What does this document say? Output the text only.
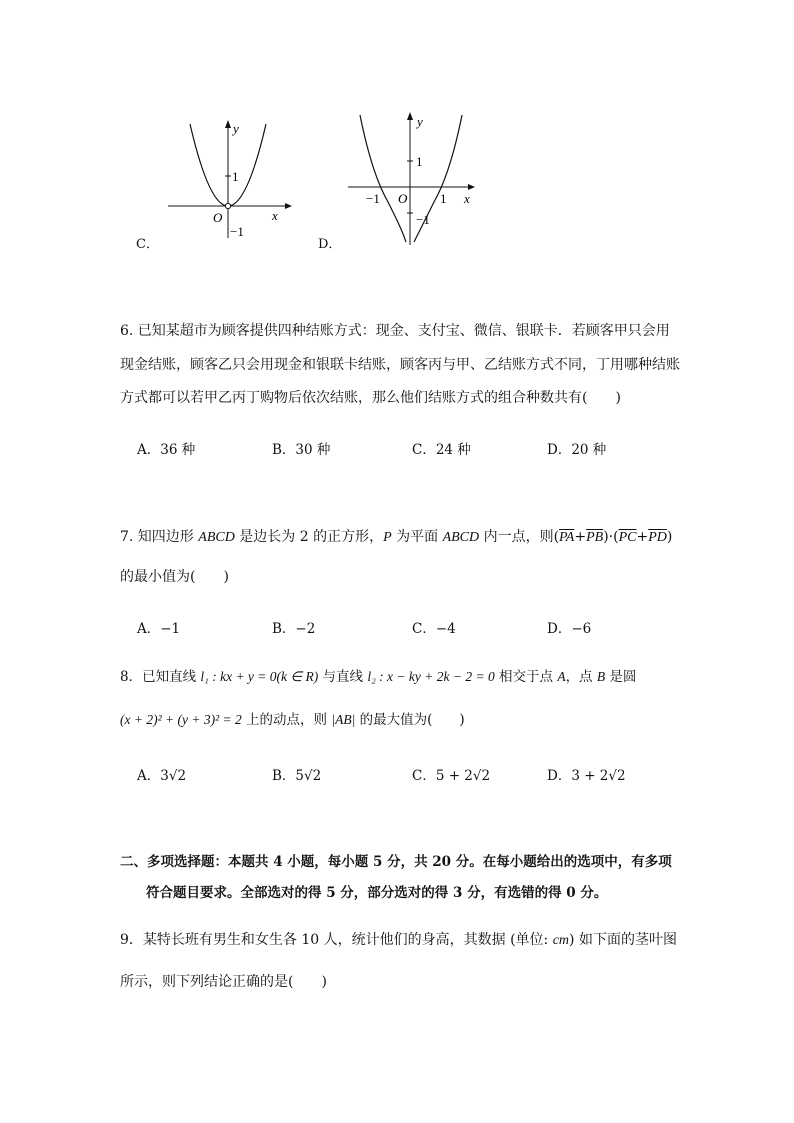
C．
y
x
O
1
−1
D．
y
x
O
1
−1
−1	1
6. 已知某超市为顾客提供四种结账方式：现金、支付宝、微信、银联卡．若顾客甲只会用
现金结账，顾客乙只会用现金和银联卡结账，顾客丙与甲、乙结账方式不同，丁用哪种结账
方式都可以若甲乙丙丁购物后依次结账，那么他们结账方式的组合种数共有(　　)
A．36 种	B．30 种	C．24 种	D．20 种
7. 知四边形 ABCD 是边长为 2 的正方形，P 为平面 ABCD 内一点，则$(\overline{PA}+\overline{PB})\cdot(\overline{PC}+\overline{PD})$
的最小值为(　　)
A．−1	B．−2	C．−4	D．−6
8．已知直线 l₁ : kx + y = 0(k ∈ R) 与直线 l₂ : x − ky + 2k − 2 = 0 相交于点 A，点 B 是圆
(x + 2)² + (y + 3)² = 2 上的动点，则 |AB| 的最大值为(　　)
A．3√2	B．5√2	C．5 + 2√2	D．3 + 2√2
二、多项选择题：本题共 4 小题，每小题 5 分，共 20 分。在每小题给出的选项中，有多项
符合题目要求。全部选对的得 5 分，部分选对的得 3 分，有选错的得 0 分。
9．某特长班有男生和女生各 10 人，统计他们的身高，其数据 (单位: cm) 如下面的茎叶图
所示，则下列结论正确的是(　　)
